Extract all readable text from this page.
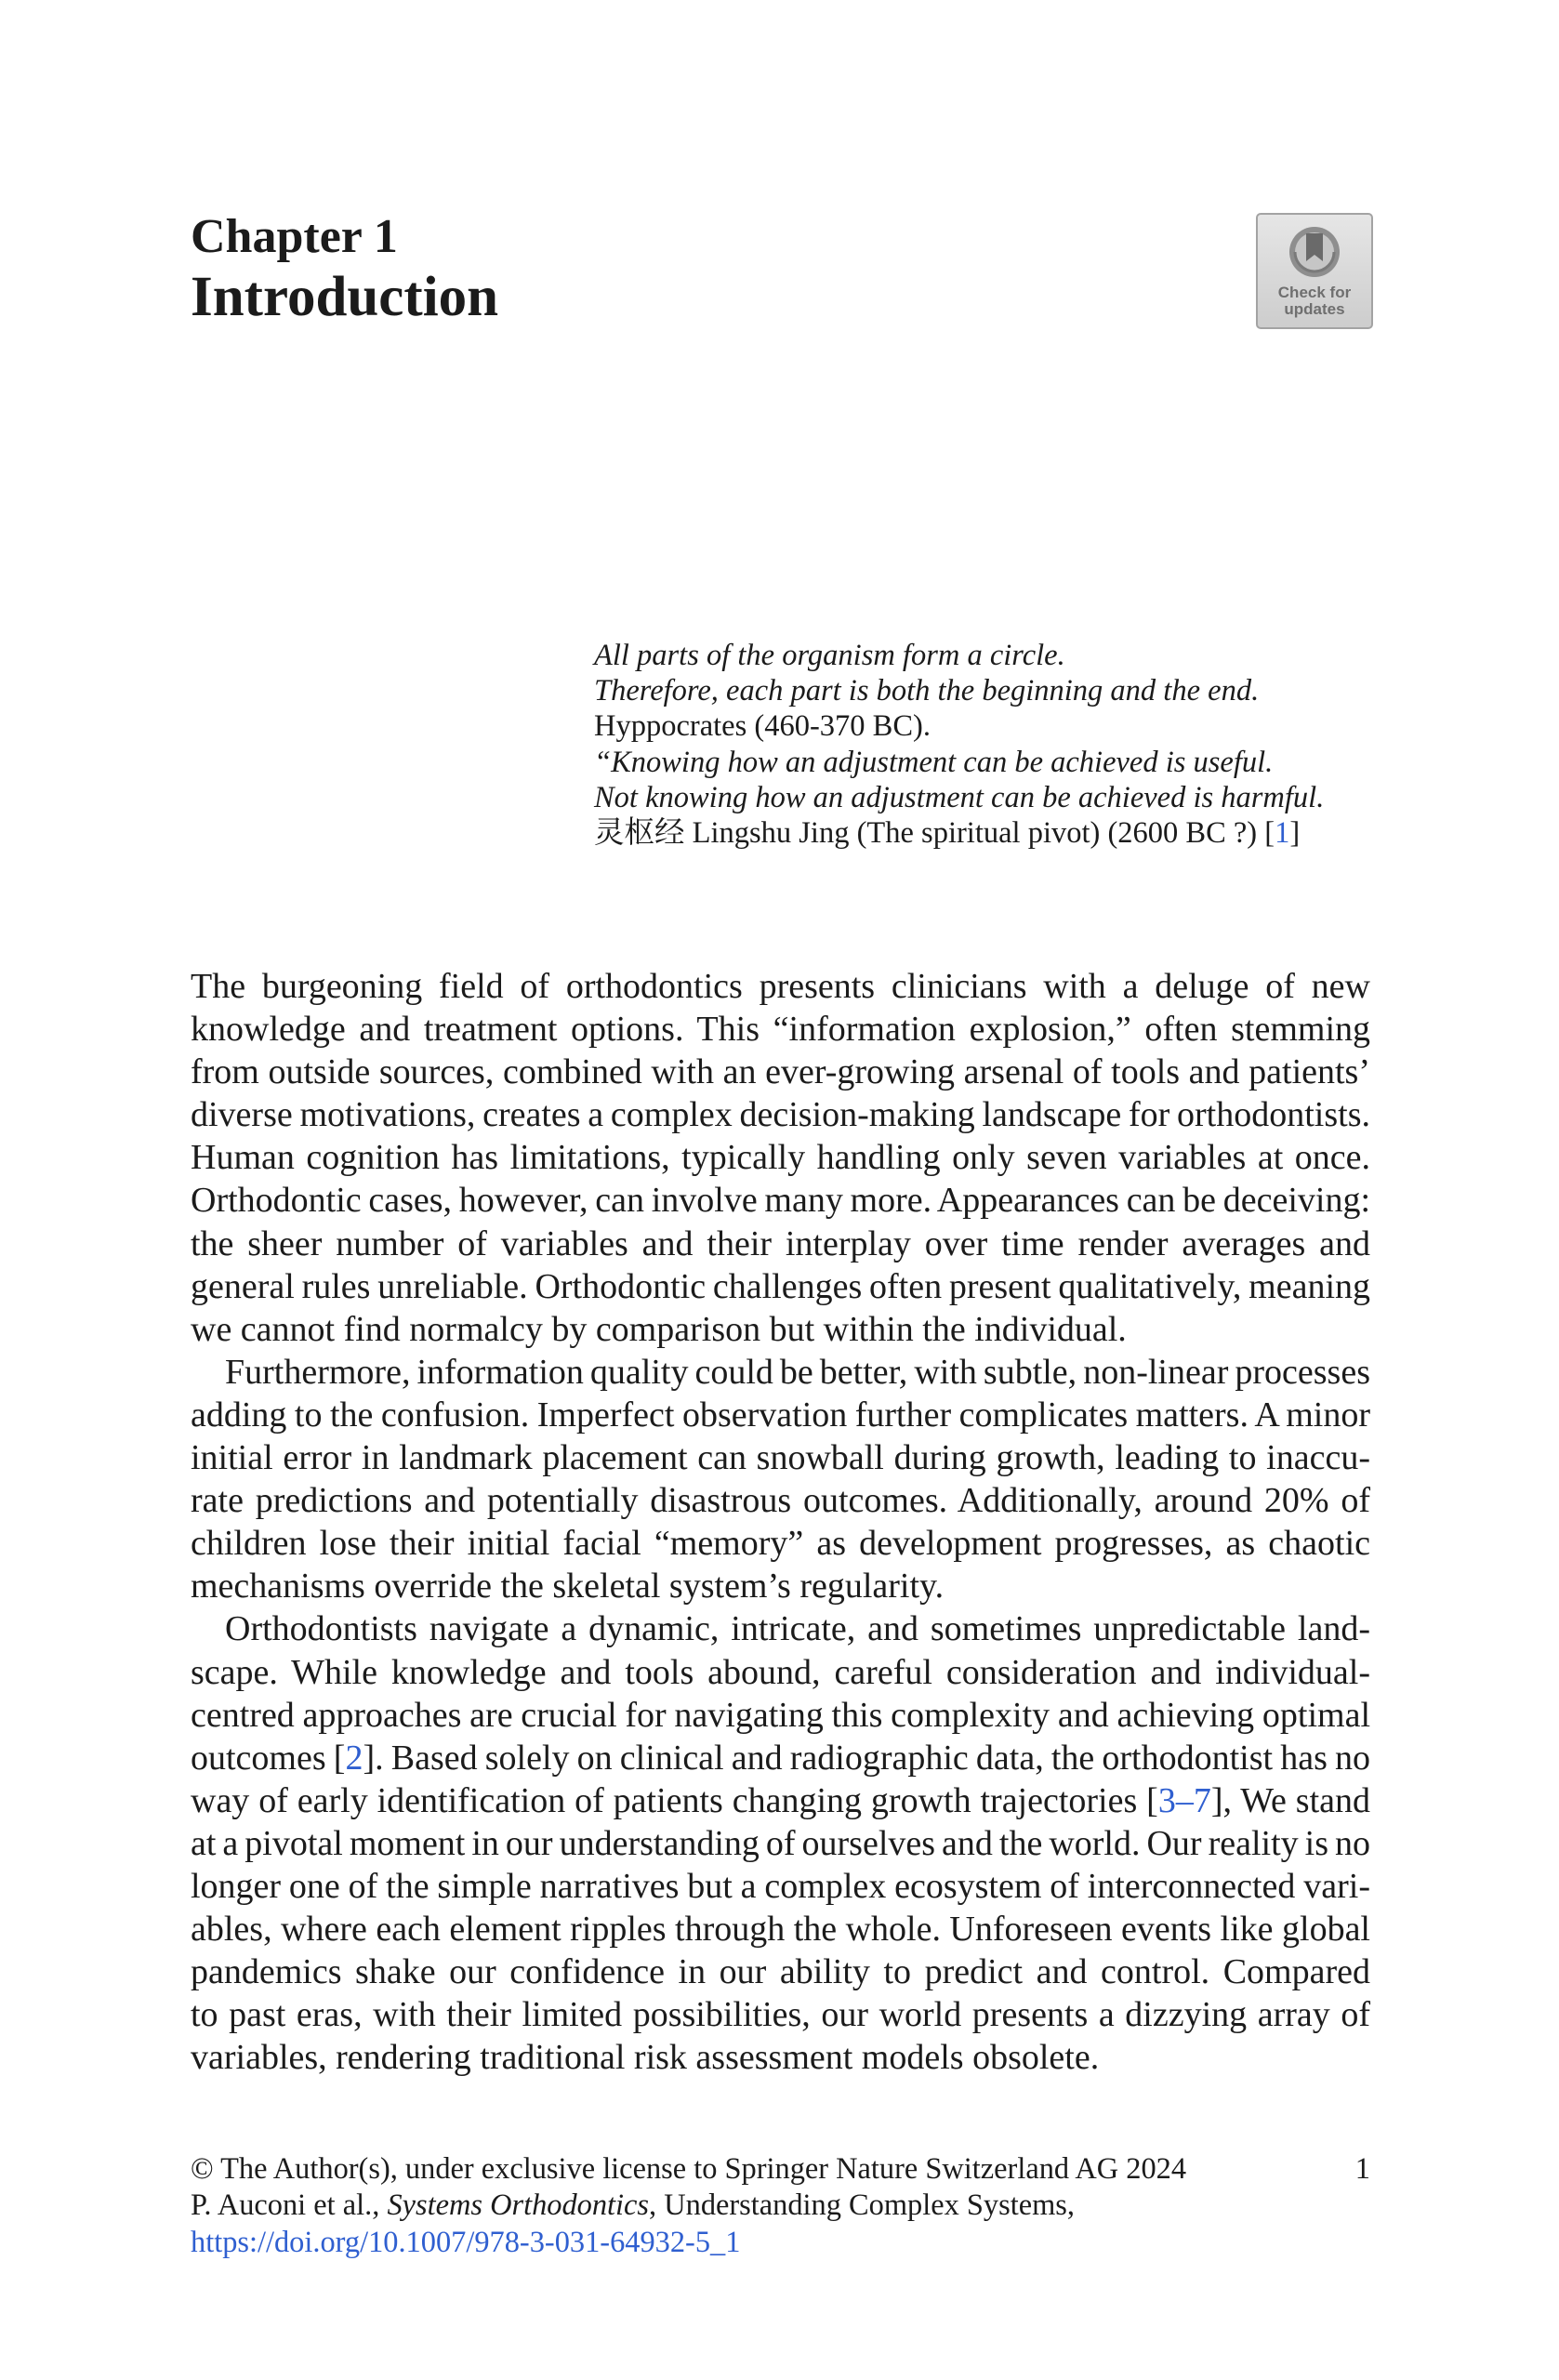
Chapter 1
Introduction	Check for
updates
All parts of the organism form a circle.
Therefore, each part is both the beginning and the end.
Hyppocrates (460-370 BC).
“Knowing how an adjustment can be achieved is useful.
Not knowing how an adjustment can be achieved is harmful.
灵枢经 Lingshu Jing (The spiritual pivot) (2600 BC ?) [1]
The burgeoning field of orthodontics presents clinicians with a deluge of new
knowledge and treatment options. This “information explosion,” often stemming
from outside sources, combined with an ever-growing arsenal of tools and patients’
diverse motivations, creates a complex decision-making landscape for orthodontists.
Human cognition has limitations, typically handling only seven variables at once.
Orthodontic cases, however, can involve many more. Appearances can be deceiving:
the sheer number of variables and their interplay over time render averages and
general rules unreliable. Orthodontic challenges often present qualitatively, meaning
we cannot find normalcy by comparison but within the individual.
Furthermore, information quality could be better, with subtle, non-linear processes
adding to the confusion. Imperfect observation further complicates matters. A minor
initial error in landmark placement can snowball during growth, leading to inaccu-
rate predictions and potentially disastrous outcomes. Additionally, around 20% of
children lose their initial facial “memory” as development progresses, as chaotic
mechanisms override the skeletal system’s regularity.
Orthodontists navigate a dynamic, intricate, and sometimes unpredictable land-
scape. While knowledge and tools abound, careful consideration and individual-
centred approaches are crucial for navigating this complexity and achieving optimal
outcomes [2]. Based solely on clinical and radiographic data, the orthodontist has no
way of early identification of patients changing growth trajectories [3–7], We stand
at a pivotal moment in our understanding of ourselves and the world. Our reality is no
longer one of the simple narratives but a complex ecosystem of interconnected vari-
ables, where each element ripples through the whole. Unforeseen events like global
pandemics shake our confidence in our ability to predict and control. Compared
to past eras, with their limited possibilities, our world presents a dizzying array of
variables, rendering traditional risk assessment models obsolete.
© The Author(s), under exclusive license to Springer Nature Switzerland AG 2024
P. Auconi et al., Systems Orthodontics, Understanding Complex Systems,
https://doi.org/10.1007/978-3-031-64932-5_1
1
